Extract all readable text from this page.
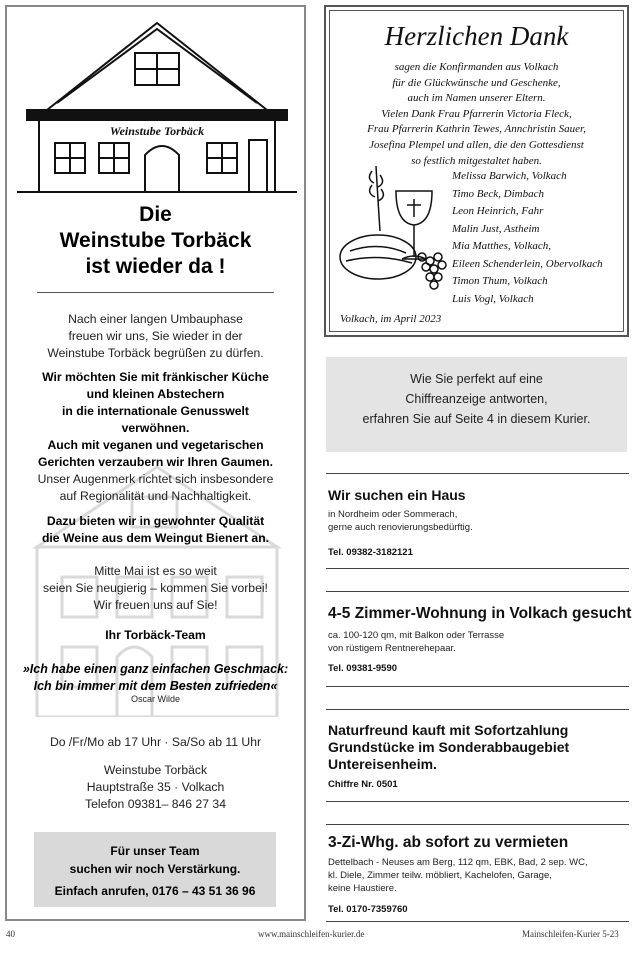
Weinstube Torbäck
Die
Weinstube Torbäck
ist wieder da !
Nach einer langen Umbauphase
freuen wir uns, Sie wieder in der
Weinstube Torbäck begrüßen zu dürfen.
Wir möchten Sie mit fränkischer Küche
und kleinen Abstechern
in die internationale Genusswelt
verwöhnen.
Auch mit veganen und vegetarischen
Gerichten verzaubern wir Ihren Gaumen.
Unser Augenmerk richtet sich insbesondere
auf Regionalität und Nachhaltigkeit.
Dazu bieten wir in gewohnter Qualität
die Weine aus dem Weingut Bienert an.
Mitte Mai ist es so weit
seien Sie neugierig – kommen Sie vorbei!
Wir freuen uns auf Sie!
Ihr Torbäck-Team
»Ich habe einen ganz einfachen Geschmack:
Ich bin immer mit dem Besten zufrieden«
Oscar Wilde
Do /Fr/Mo ab 17 Uhr · Sa/So ab 11 Uhr
Weinstube Torbäck
Hauptstraße 35 · Volkach
Telefon 09381– 846 27 34
Für unser Team
suchen wir noch Verstärkung.
Einfach anrufen, 0176 – 43 51 36 96
Herzlichen Dank
sagen die Konfirmanden aus Volkach
für die Glückwünsche und Geschenke,
auch im Namen unserer Eltern.
Vielen Dank Frau Pfarrerin Victoria Fleck,
Frau Pfarrerin Kathrin Tewes, Annchristin Sauer,
Josefina Plempel und allen, die den Gottesdienst
so festlich mitgestaltet haben.
Melissa Barwich, Volkach
Timo Beck, Dimbach
Leon Heinrich, Fahr
Malin Just, Astheim
Mia Matthes, Volkach,
Eileen Schenderlein, Obervolkach
Timon Thum, Volkach
Luis Vogl, Volkach
Volkach, im April 2023
Wie Sie perfekt auf eine
Chiffreanzeige antworten,
erfahren Sie auf Seite 4 in diesem Kurier.
Wir suchen ein Haus
in Nordheim oder Sommerach,
gerne auch renovierungsbedürftig.
Tel. 09382-3182121
4-5 Zimmer-Wohnung in Volkach gesucht
ca. 100-120 qm, mit Balkon oder Terrasse
von rüstigem Rentnerehepaar.
Tel. 09381-9590
Naturfreund kauft mit Sofortzahlung
Grundstücke im Sonderabbaugebiet
Untereisenheim.
Chiffre Nr. 0501
3-Zi-Whg. ab sofort zu vermieten
Dettelbach - Neuses am Berg, 112 qm, EBK, Bad, 2 sep. WC,
kl. Diele, Zimmer teilw. möbliert, Kachelofen, Garage,
keine Haustiere.
Tel. 0170-7359760
40	www.mainschleifen-kurier.de	Mainschleifen-Kurier 5-23
